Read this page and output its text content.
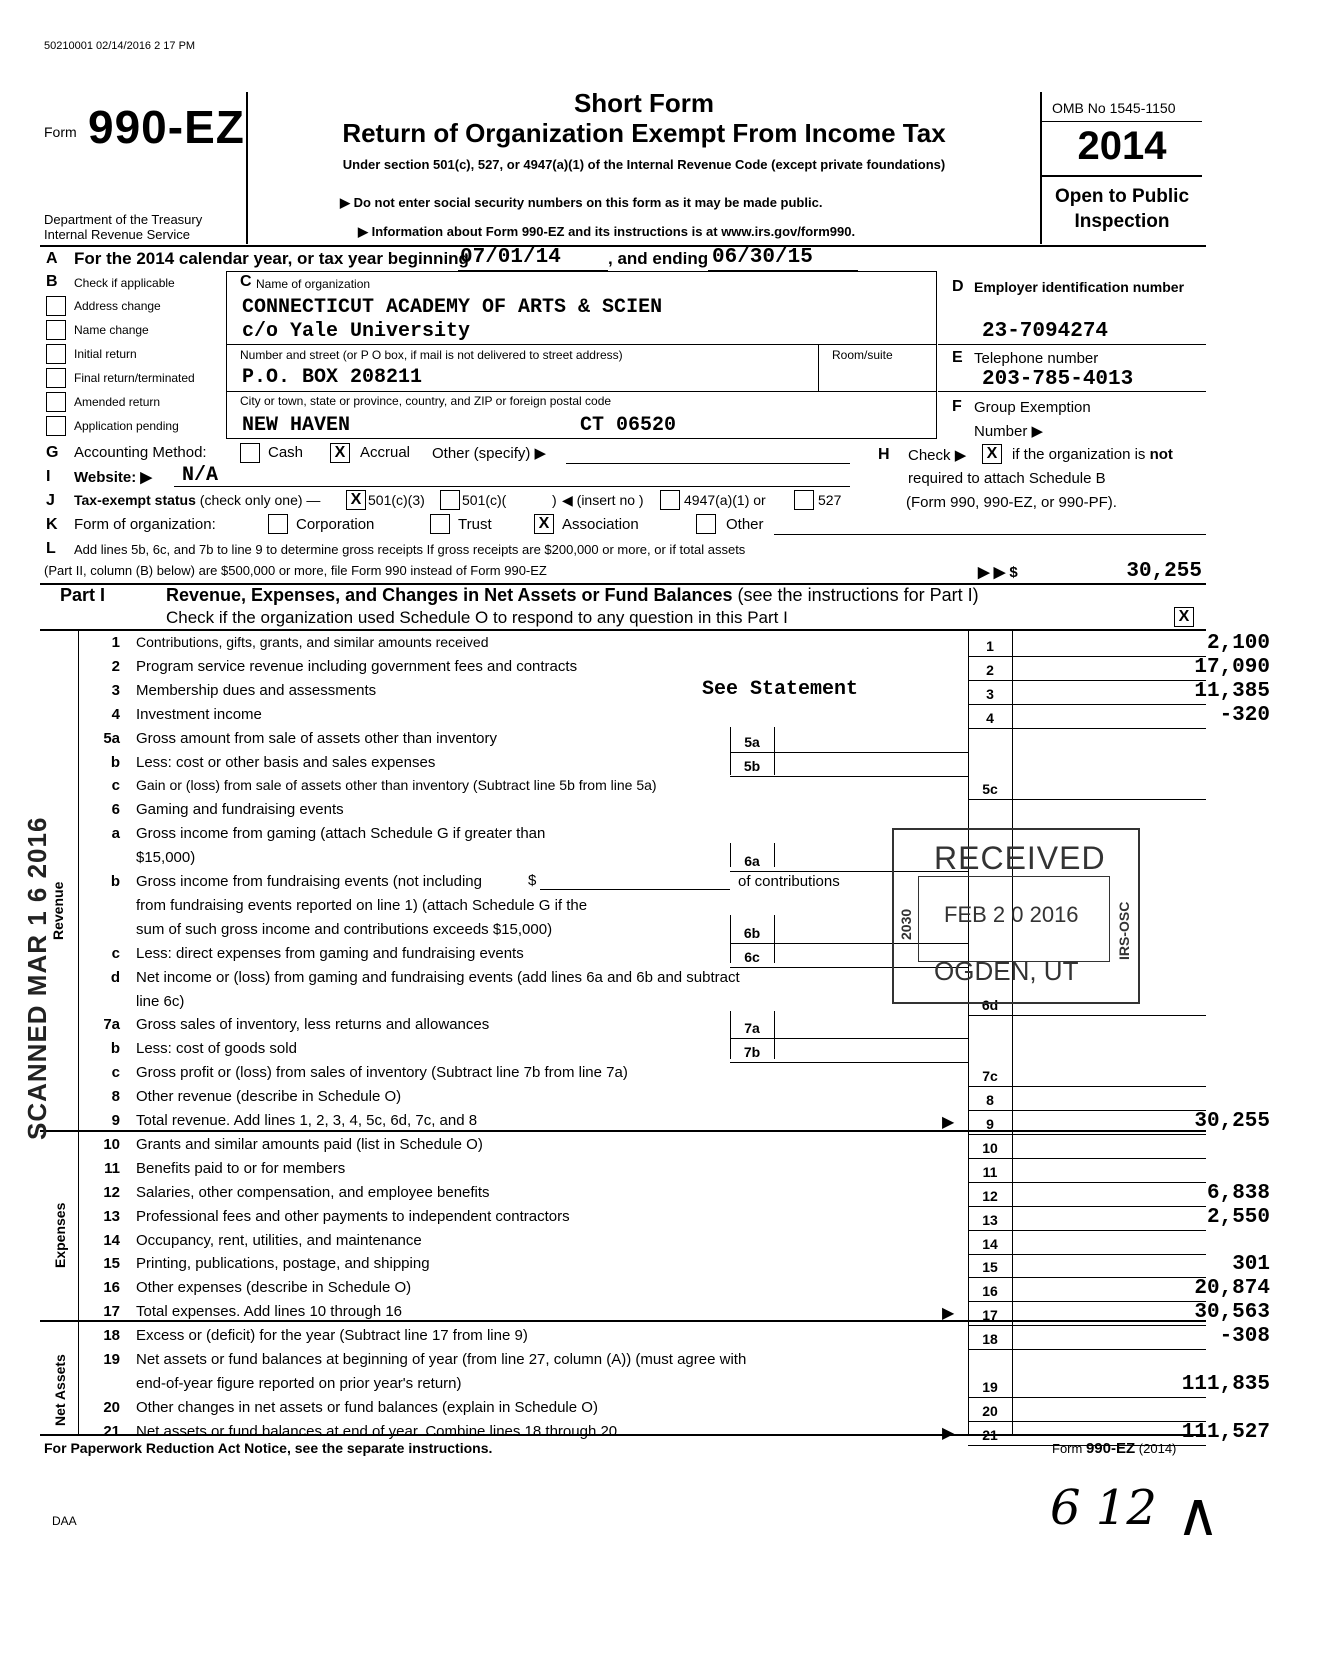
50210001 02/14/2016 2 17 PM
Form 990-EZ
Department of the Treasury
Internal Revenue Service
Short Form
Return of Organization Exempt From Income Tax
Under section 501(c), 527, or 4947(a)(1) of the Internal Revenue Code (except private foundations)
▶ Do not enter social security numbers on this form as it may be made public.
▶ Information about Form 990-EZ and its instructions is at www.irs.gov/form990.
OMB No 1545-1150
2014
Open to Public
Inspection
A For the 2014 calendar year, or tax year beginning
07/01/14	, and ending 06/30/15
B Check if applicable
Address change
Name change
Initial return
Final return/terminated
Amended return
Application pending
C Name of organization
CONNECTICUT ACADEMY OF ARTS & SCIEN
c/o Yale University
Number and street (or P O box, if mail is not delivered to street address)	Room/suite
P.O. BOX 208211
City or town, state or province, country, and ZIP or foreign postal code
NEW HAVEN	CT 06520
D Employer identification number
23-7094274
E Telephone number
203-785-4013
F Group Exemption
Number ▶
G Accounting Method:	Cash X Accrual Other (specify) ▶	H Check ▶ X if the organization is not
required to attach Schedule B
(Form 990, 990-EZ, or 990-PF).
I Website: ▶ N/A
J Tax-exempt status (check only one) — X 501(c)(3)	501(c)(	) ◀ (insert no )	4947(a)(1) or	527
K Form of organization:	Corporation	Trust	X Association	Other
L Add lines 5b, 6c, and 7b to line 9 to determine gross receipts If gross receipts are $200,000 or more, or if total assets
(Part II, column (B) below) are $500,000 or more, file Form 990 instead of Form 990-EZ	▶ ▶ $	30,255
Part I	Revenue, Expenses, and Changes in Net Assets or Fund Balances (see the instructions for Part I)
Check if the organization used Schedule O to respond to any question in this Part I	X
Revenue
Expenses
Net Assets
SCANNED MAR 1 6 2016
See Statement
$	of contributions
1 Contributions, gifts, grants, and similar amounts received	1	2,100
2 Program service revenue including government fees and contracts	2	17,090
3 Membership dues and assessments	3	11,385
4 Investment income	4	-320
5a Gross amount from sale of assets other than inventory	5a
b Less: cost or other basis and sales expenses	5b
c Gain or (loss) from sale of assets other than inventory (Subtract line 5b from line 5a)	5c
6 Gaming and fundraising events
a Gross income from gaming (attach Schedule G if greater than
$15,000)	6a
b Gross income from fundraising events (not including
from fundraising events reported on line 1) (attach Schedule G if the
sum of such gross income and contributions exceeds $15,000)	6b
c Less: direct expenses from gaming and fundraising events	6c
d Net income or (loss) from gaming and fundraising events (add lines 6a and 6b and subtract
line 6c)	6d
7a Gross sales of inventory, less returns and allowances	7a
b Less: cost of goods sold	7b
c Gross profit or (loss) from sales of inventory (Subtract line 7b from line 7a)	7c
8 Other revenue (describe in Schedule O)	8
9 Total revenue. Add lines 1, 2, 3, 4, 5c, 6d, 7c, and 8	9	30,255
▶
10 Grants and similar amounts paid (list in Schedule O)	10
11 Benefits paid to or for members	11
12 Salaries, other compensation, and employee benefits	12	6,838
13 Professional fees and other payments to independent contractors	13	2,550
14 Occupancy, rent, utilities, and maintenance	14
15 Printing, publications, postage, and shipping	15	301
16 Other expenses (describe in Schedule O)	16	20,874
17 Total expenses. Add lines 10 through 16	17	30,563
▶
18 Excess or (deficit) for the year (Subtract line 17 from line 9)	18	-308
19 Net assets or fund balances at beginning of year (from line 27, column (A)) (must agree with
end-of-year figure reported on prior year's return)	19	111,835
20 Other changes in net assets or fund balances (explain in Schedule O)	20
21 Net assets or fund balances at end of year. Combine lines 18 through 20	21	111,527
▶
RECEIVED
FEB 2 0 2016
OGDEN, UT
IRS-OSC
2030
For Paperwork Reduction Act Notice, see the separate instructions.	Form 990-EZ (2014)
DAA	6 12 ∧
